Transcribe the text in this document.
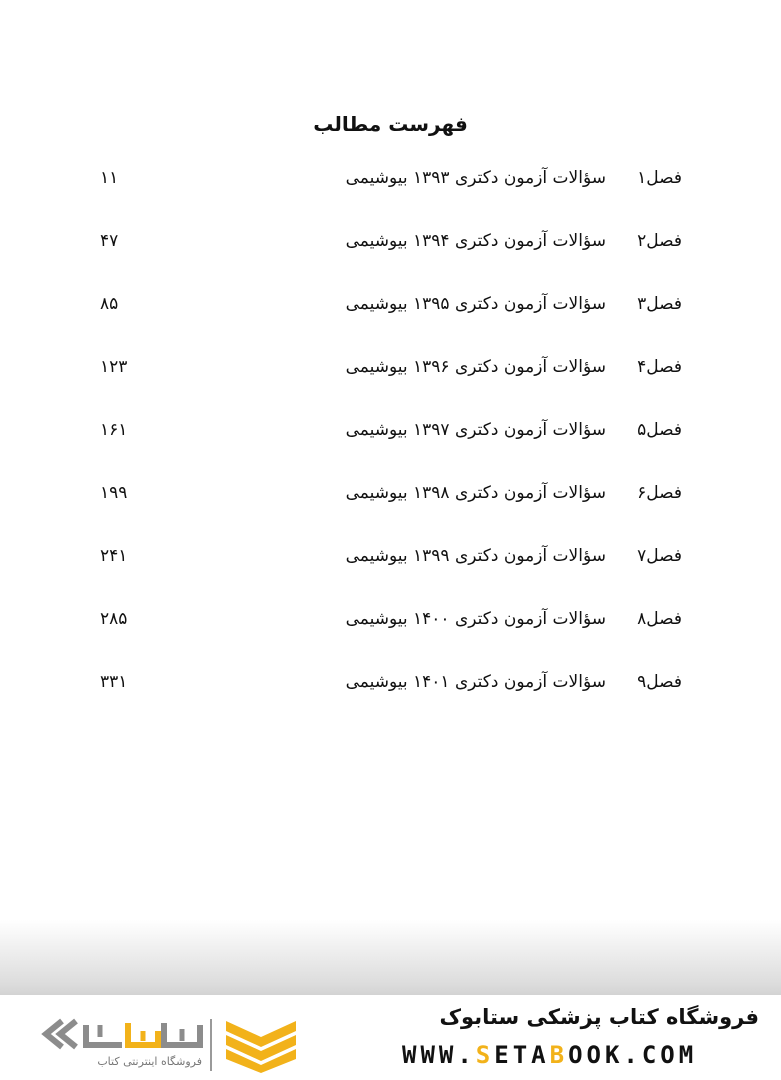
فهرست مطالب
فصل۱
سؤالات آزمون دکتری ۱۳۹۳ بیوشیمی
۱۱
فصل۲
سؤالات آزمون دکتری ۱۳۹۴ بیوشیمی
۴۷
فصل۳
سؤالات آزمون دکتری ۱۳۹۵ بیوشیمی
۸۵
فصل۴
سؤالات آزمون دکتری ۱۳۹۶ بیوشیمی
۱۲۳
فصل۵
سؤالات آزمون دکتری ۱۳۹۷ بیوشیمی
۱۶۱
فصل۶
سؤالات آزمون دکتری ۱۳۹۸ بیوشیمی
۱۹۹
فصل۷
سؤالات آزمون دکتری ۱۳۹۹ بیوشیمی
۲۴۱
فصل۸
سؤالات آزمون دکتری ۱۴۰۰ بیوشیمی
۲۸۵
فصل۹
سؤالات آزمون دکتری ۱۴۰۱ بیوشیمی
۳۳۱
فروشگاه کتاب پزشکی ستابوک
WWW.SETABOOK.COM
فروشگاه اینترنتی کتاب
